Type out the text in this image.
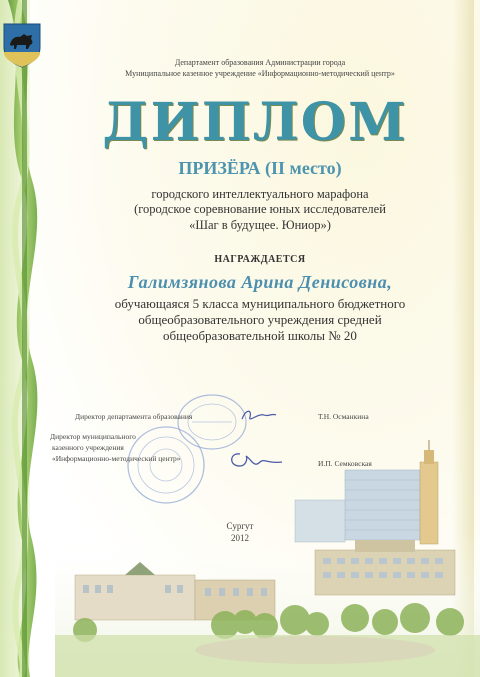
Департамент образования Администрации города
Муниципальное казенное учреждение «Информационно-методический центр»
ДИПЛОМ
ПРИЗЁРА (II место)
городского интеллектуального марафона
(городское соревнование юных исследователей
«Шаг в будущее. Юниор»)
НАГРАЖДАЕТСЯ
Галимзянова Арина Денисовна,
обучающаяся 5 класса муниципального бюджетного
общеобразовательного учреждения средней
общеобразовательной школы № 20
Директор департамента образования	Т.Н. Османкина
Директор муниципального
казенного учреждения
«Информационно-методический центр»
И.П. Семковская
Сургут
2012
